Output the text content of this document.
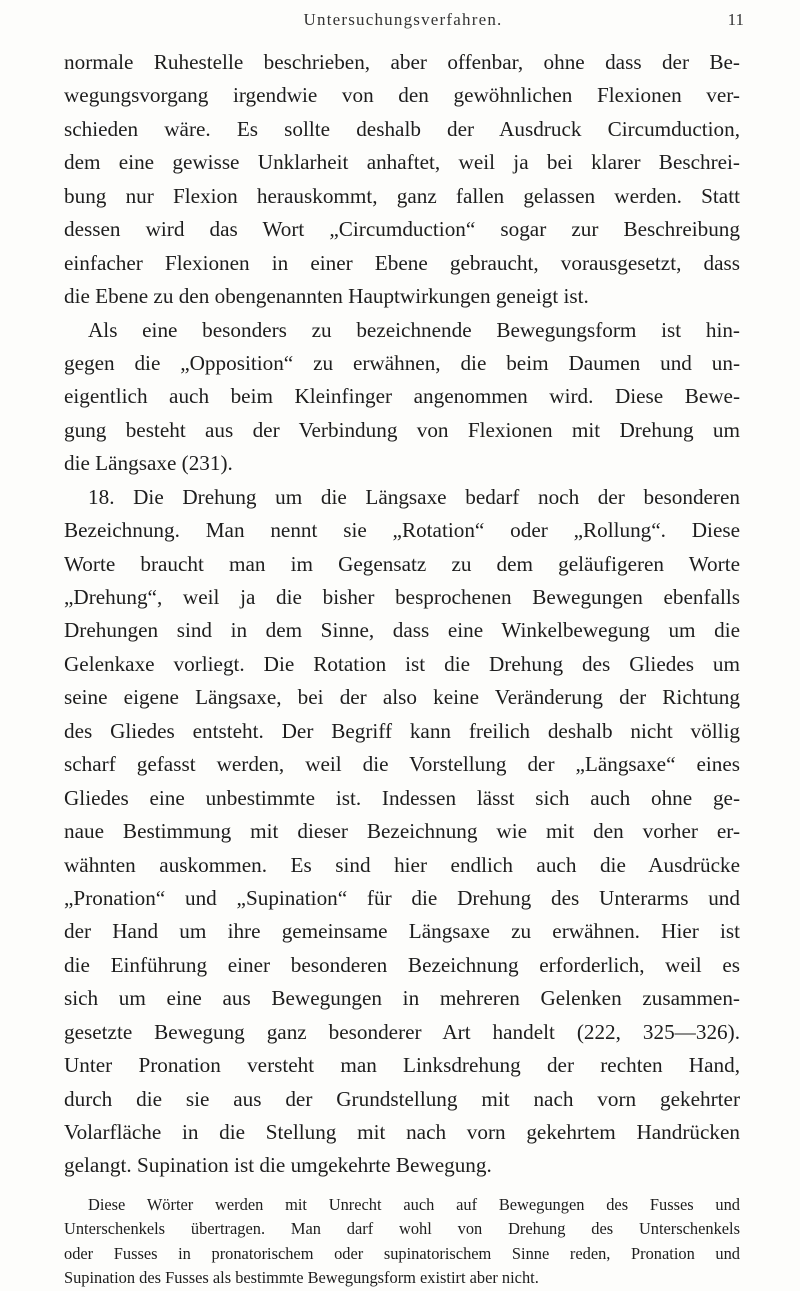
Untersuchungsverfahren.	11
normale Ruhestelle beschrieben, aber offenbar, ohne dass der Be-
wegungsvorgang irgendwie von den gewöhnlichen Flexionen ver-
schieden wäre. Es sollte deshalb der Ausdruck Circumduction,
dem eine gewisse Unklarheit anhaftet, weil ja bei klarer Beschrei-
bung nur Flexion herauskommt, ganz fallen gelassen werden. Statt
dessen wird das Wort „Circumduction“ sogar zur Beschreibung
einfacher Flexionen in einer Ebene gebraucht, vorausgesetzt, dass
die Ebene zu den obengenannten Hauptwirkungen geneigt ist.
Als eine besonders zu bezeichnende Bewegungsform ist hin-
gegen die „Opposition“ zu erwähnen, die beim Daumen und un-
eigentlich auch beim Kleinfinger angenommen wird. Diese Bewe-
gung besteht aus der Verbindung von Flexionen mit Drehung um
die Längsaxe (231).
18. Die Drehung um die Längsaxe bedarf noch der besonderen
Bezeichnung. Man nennt sie „Rotation“ oder „Rollung“. Diese
Worte braucht man im Gegensatz zu dem geläufigeren Worte
„Drehung“, weil ja die bisher besprochenen Bewegungen ebenfalls
Drehungen sind in dem Sinne, dass eine Winkelbewegung um die
Gelenkaxe vorliegt. Die Rotation ist die Drehung des Gliedes um
seine eigene Längsaxe, bei der also keine Veränderung der Richtung
des Gliedes entsteht. Der Begriff kann freilich deshalb nicht völlig
scharf gefasst werden, weil die Vorstellung der „Längsaxe“ eines
Gliedes eine unbestimmte ist. Indessen lässt sich auch ohne ge-
naue Bestimmung mit dieser Bezeichnung wie mit den vorher er-
wähnten auskommen. Es sind hier endlich auch die Ausdrücke
„Pronation“ und „Supination“ für die Drehung des Unterarms und
der Hand um ihre gemeinsame Längsaxe zu erwähnen. Hier ist
die Einführung einer besonderen Bezeichnung erforderlich, weil es
sich um eine aus Bewegungen in mehreren Gelenken zusammen-
gesetzte Bewegung ganz besonderer Art handelt (222, 325—326).
Unter Pronation versteht man Linksdrehung der rechten Hand,
durch die sie aus der Grundstellung mit nach vorn gekehrter
Volarfläche in die Stellung mit nach vorn gekehrtem Handrücken
gelangt. Supination ist die umgekehrte Bewegung.
Diese Wörter werden mit Unrecht auch auf Bewegungen des Fusses und
Unterschenkels übertragen. Man darf wohl von Drehung des Unterschenkels
oder Fusses in pronatorischem oder supinatorischem Sinne reden, Pronation und
Supination des Fusses als bestimmte Bewegungsform existirt aber nicht.
